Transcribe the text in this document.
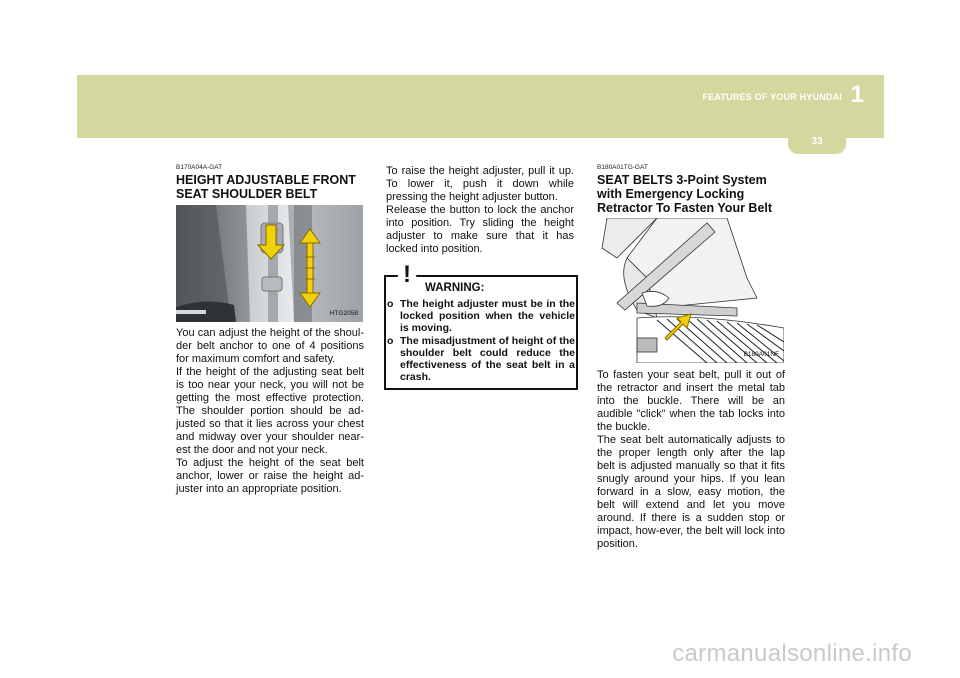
FEATURES OF YOUR HYUNDAI 1
33
B170A04A-GAT
HEIGHT ADJUSTABLE FRONT SEAT SHOULDER BELT
HTG2058

You can adjust the height of the shoul-der belt anchor to one of 4 positions for maximum comfort and safety.

If the height of the adjusting seat belt is too near your neck, you will not be getting the most effective protection. The shoulder portion should be ad-justed so that it lies across your chest and midway over your shoulder near-est the door and not your neck.

To adjust the height of the seat belt anchor, lower or raise the height ad-juster into an appropriate position.

To raise the height adjuster, pull it up. To lower it, push it down while pressing the height adjuster button.

Release the button to lock the anchor into position. Try sliding the height adjuster to make sure that it has locked into position.

! WARNING:
o The height adjuster must be in the locked position when the vehicle is moving.
o The misadjustment of height of the shoulder belt could reduce the effectiveness of the seat belt in a crash.
B180A01TG-GAT
SEAT BELTS 3-Point System with Emergency Locking Retractor To Fasten Your Belt
B180A01NF

To fasten your seat belt, pull it out of the retractor and insert the metal tab into the buckle. There will be an audible "click" when the tab locks into the buckle.

The seat belt automatically adjusts to the proper length only after the lap belt is adjusted manually so that it fits snugly around your hips. If you lean forward in a slow, easy motion, the belt will extend and let you move around. If there is a sudden stop or impact, how-ever, the belt will lock into position.

carmanualsonline.info
